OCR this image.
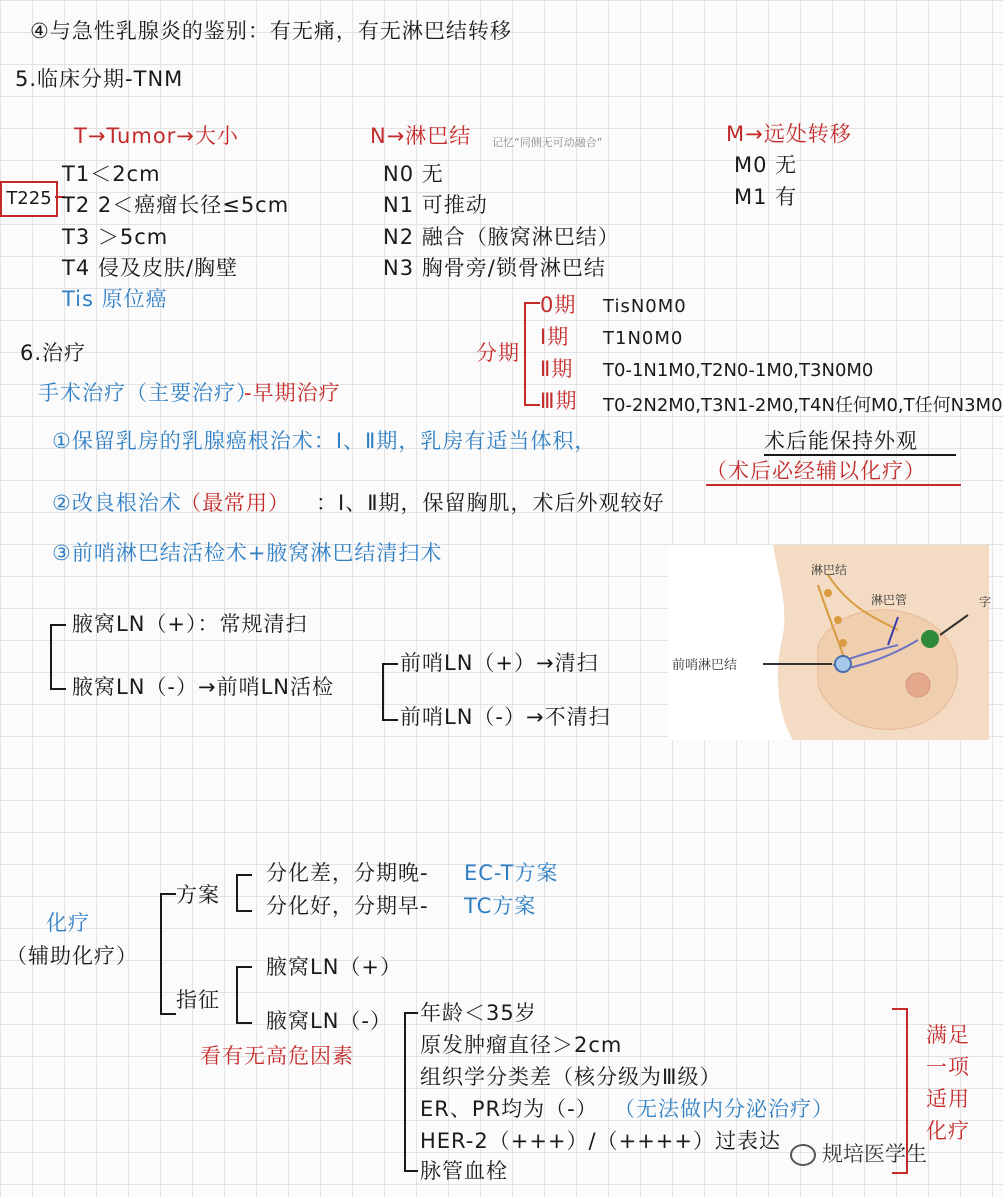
④与急性乳腺炎的鉴别：有无痛，有无淋巴结转移
5.临床分期-TNM
T→Tumor→大小	N→淋巴结 记忆“同侧无可动融合”	M→远处转移
T225
T1＜2cm
T2 2＜癌瘤长径≤5cm
T3 ＞5cm
T4 侵及皮肤/胸壁
Tis 原位癌
N0 无
N1 可推动
N2 融合（腋窝淋巴结）
N3 胸骨旁/锁骨淋巴结
M0 无
M1 有
分期
0期 TisN0M0
Ⅰ期 T1N0M0
Ⅱ期 T0-1N1M0,T2N0-1M0,T3N0M0
Ⅲ期 T0-2N2M0,T3N1-2M0,T4N任何M0,T任何N3M0
6.治疗
手术治疗（主要治疗）
-早期治疗
①保留乳房的乳腺癌根治术：Ⅰ、Ⅱ期，乳房有适当体积，	术后能保持外观
（术后必经辅以化疗）
②改良根治术
（最常用） ：Ⅰ、Ⅱ期，保留胸肌，术后外观较好
③前哨淋巴结活检术+腋窝淋巴结清扫术
腋窝LN（+）：常规清扫
腋窝LN（-）→前哨LN活检
前哨LN（+）→清扫
前哨LN（-）→不清扫
淋巴结
淋巴管
前哨淋巴结
字
化疗
（辅助化疗）
方案
分化差，分期晚- EC-T方案
分化好，分期早- TC方案
指征
腋窝LN（+）
腋窝LN（-）
看有无高危因素
年龄＜35岁
原发肿瘤直径＞2cm
组织学分类差（核分级为Ⅲ级）
ER、PR均为（-） （无法做内分泌治疗）
HER-2（+++）/（++++）过表达
脉管血栓
满足
一项
适用
化疗
规培医学生
